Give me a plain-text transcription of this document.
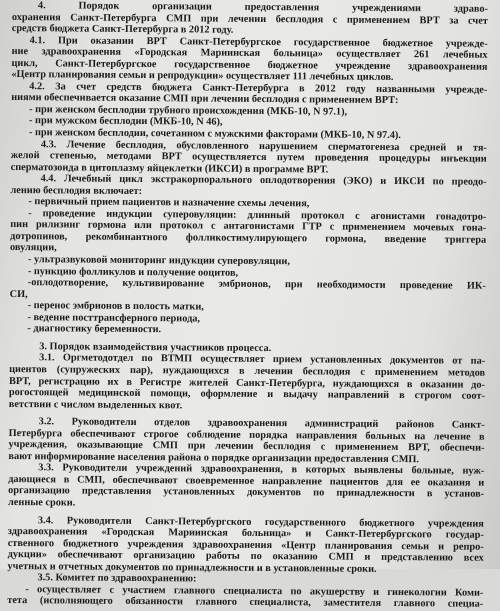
4. Порядок организации предоставления учреждениями здраво-
охранения Санкт-Петербурга СМП при лечении бесплодия с применением ВРТ за счет
средств бюджета Санкт-Петербурга в 2012 году.
4.1. При оказании ВРТ Санкт-Петербургское государственное бюджетное учрежде-
ние здравоохранения «Городская Мариинская больница» осуществляет 261 лечебных
цикл, Санкт-Петербургское государственное бюджетное учреждение здравоохранения
«Центр планирования семьи и репродукции» осуществляет 111 лечебных циклов.
4.2. За счет средств бюджета Санкт-Петербурга в 2012 году названными учрежде-
ниями обеспечивается оказание СМП при лечении бесплодия с применением ВРТ:
- при женском бесплодии трубного происхождения (МКБ-10, N 97.1),
- при мужском бесплодии (МКБ-10, N 46),
- при женском бесплодии, сочетанном с мужскими факторами (МКБ-10, N 97.4).
4.3. Лечение бесплодия, обусловленного нарушением сперматогенеза средней и тя-
желой степенью, методами ВРТ осуществляется путем проведения процедуры инъекции
сперматозоида в цитоплазму яйцеклетки (ИКСИ) в программе ВРТ.
4.4. Лечебный цикл экстракорпорального оплодотворения (ЭКО) и ИКСИ по преодо-
лению бесплодия включает:
- первичный прием пациентов и назначение схемы лечения,
- проведение индукции суперовуляции: длинный протокол с агонистами гонадотро-
пин рилизинг гормона или протокол с антагонистами ГТР с применением мочевых гона-
дотропинов, рекомбинантного фолликостимулирующего гормона, введение триггера
овуляции,
- ультразвуковой мониторинг индукции суперовуляции,
- пункцию фолликулов и получение ооцитов,
-оплодотворение, культивирование эмбрионов, при необходимости проведение ИК-
СИ,
- перенос эмбрионов в полость матки,
- ведение посттрансферного периода,
- диагностику беременности.
3. Порядок взаимодействия участников процесса.
3.1. Оргметодотдел по ВТМП осуществляет прием установленных документов от па-
циентов (супружеских пар), нуждающихся в лечении бесплодия с применением методов
ВРТ, регистрацию их в Регистре жителей Санкт-Петербурга, нуждающихся в оказании до-
рогостоящей медицинской помощи, оформление и выдачу направлений в строгом соот-
ветствии с числом выделенных квот.
3.2. Руководители отделов здравоохранения администраций районов Санкт-
Петербурга обеспечивают строгое соблюдение порядка направления больных на лечение в
учреждения, оказывающие СМП при лечении бесплодия с применением ВРТ, обеспечи-
вают информирование населения района о порядке организации предоставления СМП.
3.3. Руководители учреждений здравоохранения, в которых выявлены больные, нуж-
дающиеся в СМП, обеспечивают своевременное направление пациентов для ее оказания и
организацию представления установленных документов по принадлежности в установ-
ленные сроки.
3.4. Руководители Санкт-Петербургского государственного бюджетного учреждения
здравоохранения «Городская Мариинская больница» и Санкт-Петербургского государ-
ственного бюджетного учреждения здравоохранения «Центр планирования семьи и репро-
дукции» обеспечивают организацию работы по оказанию СМП и представлению всех
учетных и отчетных документов по принадлежности и в установленные сроки.
3.5. Комитет по здравоохранению:
- осуществляет с участием главного специалиста по акушерству и гинекологии Коми-
тета (исполняющего обязанности главного специалиста, заместителя главного специа-
